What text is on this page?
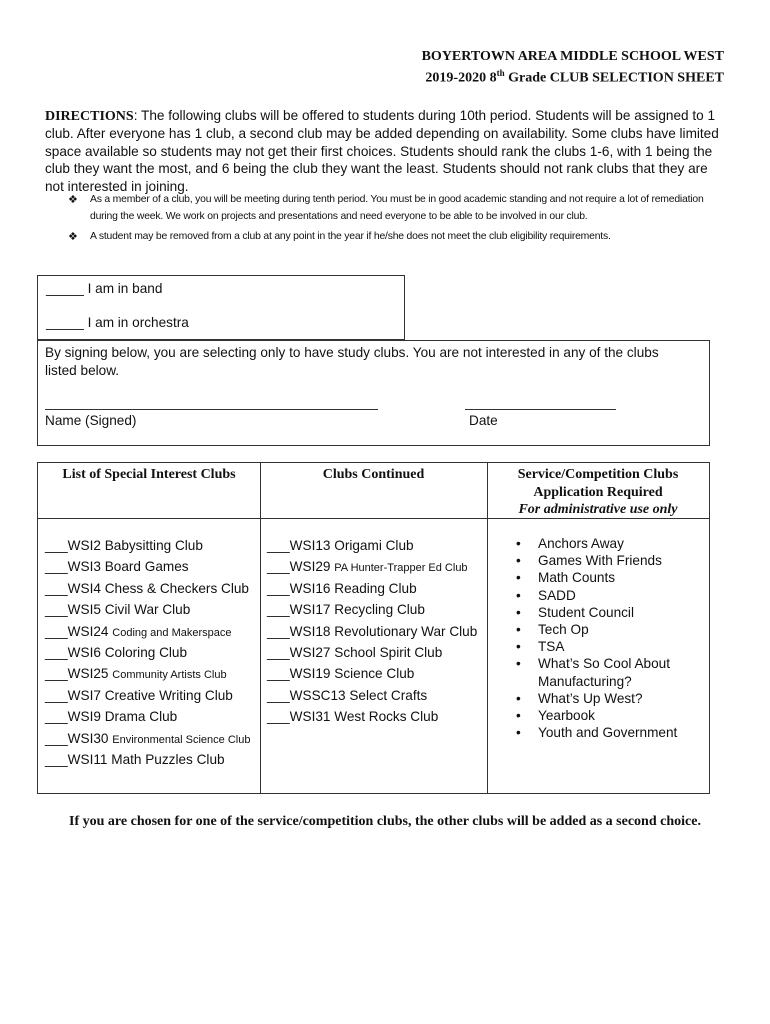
BOYERTOWN AREA MIDDLE SCHOOL WEST
2019-2020 8th Grade CLUB SELECTION SHEET
DIRECTIONS: The following clubs will be offered to students during 10th period. Students will be assigned to 1 club. After everyone has 1 club, a second club may be added depending on availability. Some clubs have limited space available so students may not get their first choices. Students should rank the clubs 1-6, with 1 being the club they want the most, and 6 being the club they want the least. Students should not rank clubs that they are not interested in joining.
❖ As a member of a club, you will be meeting during tenth period. You must be in good academic standing and not require a lot of remediation during the week. We work on projects and presentations and need everyone to be able to be involved in our club.
❖ A student may be removed from a club at any point in the year if he/she does not meet the club eligibility requirements.
_____ I am in band
_____ I am in orchestra
By signing below, you are selecting only to have study clubs. You are not interested in any of the clubs listed below.
Name (Signed)	Date
List of Special Interest Clubs	Clubs Continued	Service/Competition Clubs
Application Required
For administrative use only
___WSI2 Babysitting Club
___WSI3 Board Games
___WSI4 Chess & Checkers Club
___WSI5 Civil War Club
___WSI24 Coding and Makerspace
___WSI6 Coloring Club
___WSI25 Community Artists Club
___WSI7 Creative Writing Club
___WSI9 Drama Club
___WSI30 Environmental Science Club
___WSI11 Math Puzzles Club
___WSI13 Origami Club
___WSI29 PA Hunter-Trapper Ed Club
___WSI16 Reading Club
___WSI17 Recycling Club
___WSI18 Revolutionary War Club
___WSI27 School Spirit Club
___WSI19 Science Club
___WSSC13 Select Crafts
___WSI31 West Rocks Club
• Anchors Away
• Games With Friends
• Math Counts
• SADD
• Student Council
• Tech Op
• TSA
• What’s So Cool About Manufacturing?
• What’s Up West?
• Yearbook
• Youth and Government
If you are chosen for one of the service/competition clubs, the other clubs will be added as a second choice.
